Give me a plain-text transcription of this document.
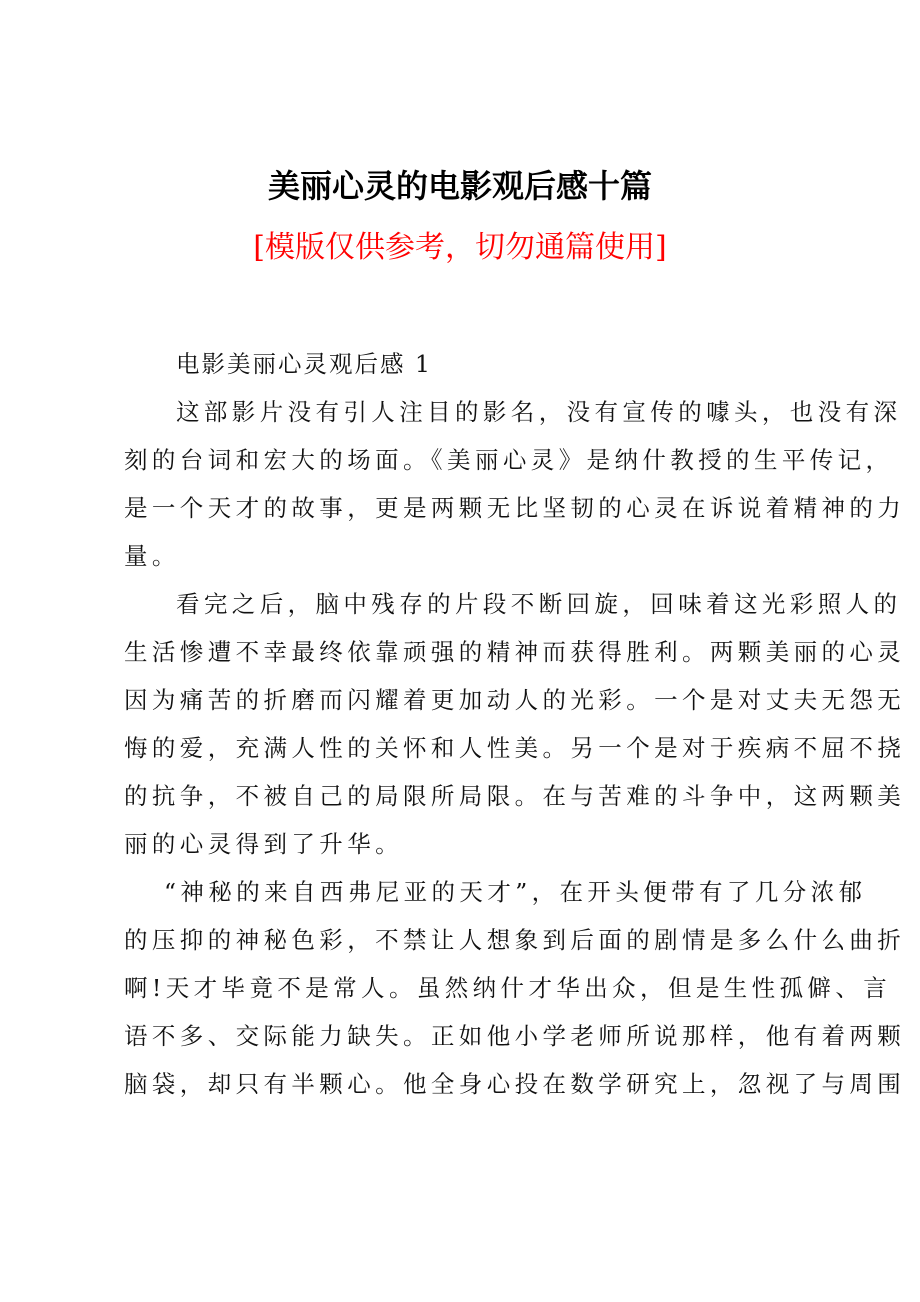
美丽心灵的电影观后感十篇
[模版仅供参考，切勿通篇使用]
电影美丽心灵观后感 1
这部影片没有引人注目的影名，没有宣传的噱头，也没有深
刻的台词和宏大的场面。《美丽心灵》是纳什教授的生平传记，
是一个天才的故事，更是两颗无比坚韧的心灵在诉说着精神的力
量。
看完之后，脑中残存的片段不断回旋，回味着这光彩照人的
生活惨遭不幸最终依靠顽强的精神而获得胜利。两颗美丽的心灵
因为痛苦的折磨而闪耀着更加动人的光彩。一个是对丈夫无怨无
悔的爱，充满人性的关怀和人性美。另一个是对于疾病不屈不挠
的抗争，不被自己的局限所局限。在与苦难的斗争中，这两颗美
丽的心灵得到了升华。
“神秘的来自西弗尼亚的天才”，在开头便带有了几分浓郁
的压抑的神秘色彩，不禁让人想象到后面的剧情是多么什么曲折
啊!天才毕竟不是常人。虽然纳什才华出众，但是生性孤僻、言
语不多、交际能力缺失。正如他小学老师所说那样，他有着两颗
脑袋，却只有半颗心。他全身心投在数学研究上，忽视了与周围
